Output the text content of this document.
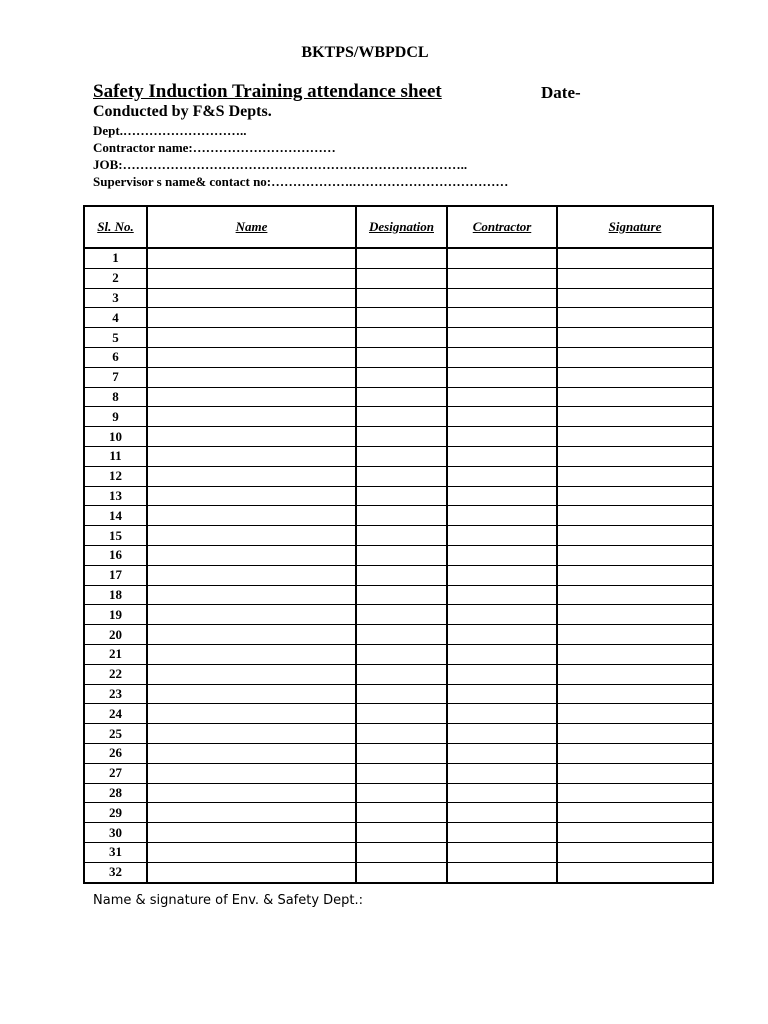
BKTPS/WBPDCL
Safety Induction Training attendance sheet	Date-
Conducted by F&S Depts.
Dept.………………………..
Contractor name:……………………………
JOB:……………………………………………………………………..
Supervisor s name& contact no:……………….………………………………
Sl. No.	Name	Designation	Contractor	Signature
1				
2				
3				
4				
5				
6				
7				
8				
9				
10				
11				
12				
13				
14				
15				
16				
17				
18				
19				
20				
21				
22				
23				
24				
25				
26				
27				
28				
29				
30				
31				
32				
Name & signature of Env. & Safety Dept.:
